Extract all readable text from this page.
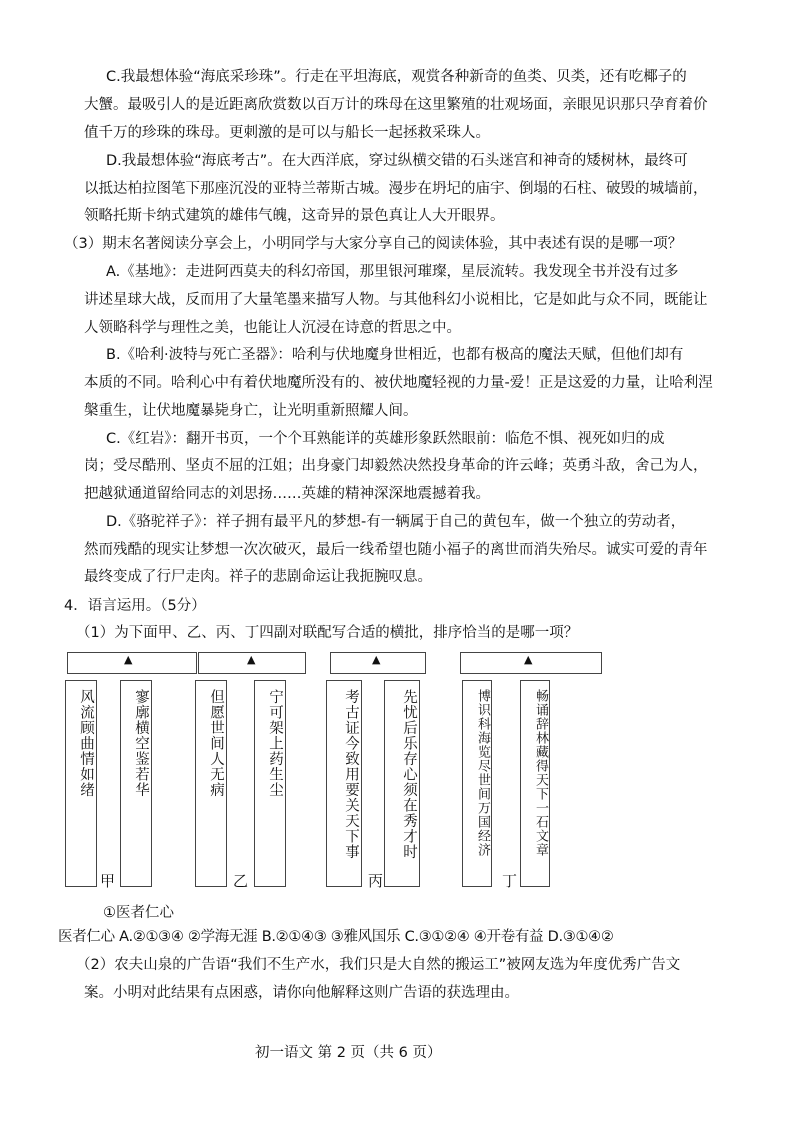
C.我最想体验“海底采珍珠”。行走在平坦海底，观赏各种新奇的鱼类、贝类，还有吃椰子的
大蟹。最吸引人的是近距离欣赏数以百万计的珠母在这里繁殖的壮观场面，亲眼见识那只孕育着价
值千万的珍珠的珠母。更刺激的是可以与船长一起拯救采珠人。
D.我最想体验“海底考古”。在大西洋底，穿过纵横交错的石头迷宫和神奇的矮树林，最终可
以抵达柏拉图笔下那座沉没的亚特兰蒂斯古城。漫步在坍圮的庙宇、倒塌的石柱、破毁的城墙前，
领略托斯卡纳式建筑的雄伟气魄，这奇异的景色真让人大开眼界。
（3）期末名著阅读分享会上，小明同学与大家分享自己的阅读体验，其中表述有误的是哪一项？
A.《基地》：走进阿西莫夫的科幻帝国，那里银河璀璨，星辰流转。我发现全书并没有过多
讲述星球大战，反而用了大量笔墨来描写人物。与其他科幻小说相比，它是如此与众不同，既能让
人领略科学与理性之美，也能让人沉浸在诗意的哲思之中。
B.《哈利·波特与死亡圣器》：哈利与伏地魔身世相近，也都有极高的魔法天赋，但他们却有
本质的不同。哈利心中有着伏地魔所没有的、被伏地魔轻视的力量-爱！正是这爱的力量，让哈利涅
槃重生，让伏地魔暴毙身亡，让光明重新照耀人间。
C.《红岩》：翻开书页，一个个耳熟能详的英雄形象跃然眼前：临危不惧、视死如归的成
岗；受尽酷刑、坚贞不屈的江姐；出身豪门却毅然决然投身革命的许云峰；英勇斗敌，舍己为人，
把越狱通道留给同志的刘思扬……英雄的精神深深地震撼着我。
D.《骆驼祥子》：祥子拥有最平凡的梦想-有一辆属于自己的黄包车，做一个独立的劳动者，
然而残酷的现实让梦想一次次破灭，最后一线希望也随小福子的离世而消失殆尽。诚实可爱的青年
最终变成了行尸走肉。祥子的悲剧命运让我扼腕叹息。
4．语言运用。（5分）
（1）为下面甲、乙、丙、丁四副对联配写合适的横批，排序恰当的是哪一项？
▲
风流顾曲情如绪	寥廓横空鉴若华
甲
▲
但愿世间人无病	宁可架上药生尘
乙
▲
考古证今致用要关天下事	先忧后乐存心须在秀才时
丙
▲
博识科海览尽世间万国经济	畅诵辞林藏得天下一石文章
丁
①医者仁心
医者仁心 A.②①③④ ②学海无涯 B.②①④③ ③雅风国乐 C.③①②④ ④开卷有益 D.③①④②
（2）农夫山泉的广告语“我们不生产水，我们只是大自然的搬运工”被网友选为年度优秀广告文
案。小明对此结果有点困惑，请你向他解释这则广告语的获选理由。
初一语文 第 2 页（共 6 页）
